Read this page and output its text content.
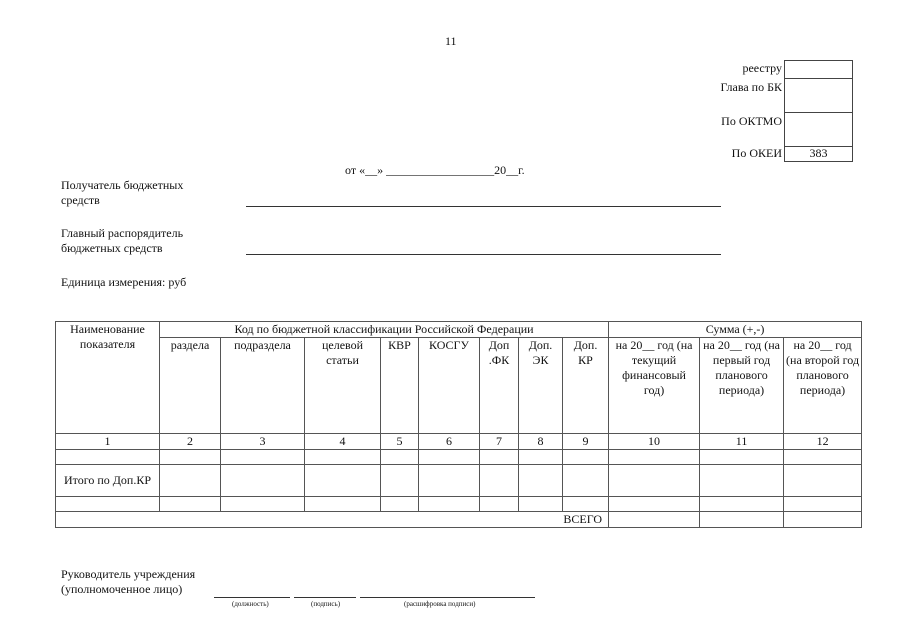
11
реестру
Глава по БК
По ОКТМО
По ОКЕИ	383
от «__» __________________20__г.
Получатель бюджетных
средств
Главный распорядитель
бюджетных средств
Единица измерения: руб
Наименование показателя	Код по бюджетной классификации Российской Федерации								Сумма (+,-)		
	раздела	подраздела	целевой статьи	КВР	КОСГУ	Доп .ФК	Доп. ЭК	Доп. КР	на 20__ год (на текущий финансовый год)	на 20__ год (на первый год планового периода)	на 20__ год (на второй год планового периода)
1	2	3	4	5	6	7	8	9	10	11	12

Итого по Доп.КР											

ВСЕГО											
Руководитель учреждения
(уполномоченное лицо)
(должность)	(подпись)	(расшифровка подписи)
